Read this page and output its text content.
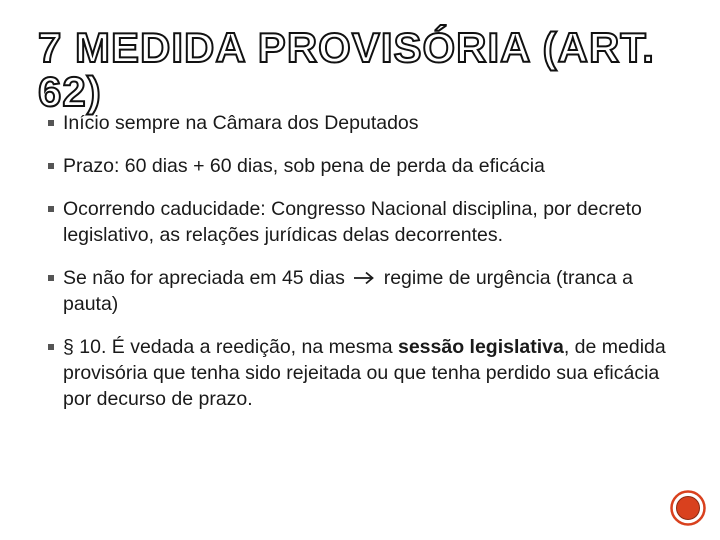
7 MEDIDA PROVISÓRIA (ART. 62)
Início sempre na Câmara dos Deputados
Prazo: 60 dias + 60 dias, sob pena de perda da eficácia
Ocorrendo caducidade: Congresso Nacional disciplina, por decreto legislativo, as relações jurídicas delas decorrentes.
Se não for apreciada em 45 dias regime de urgência (tranca a pauta)
§ 10. É vedada a reedição, na mesma sessão legislativa, de medida provisória que tenha sido rejeitada ou que tenha perdido sua eficácia por decurso de prazo.
